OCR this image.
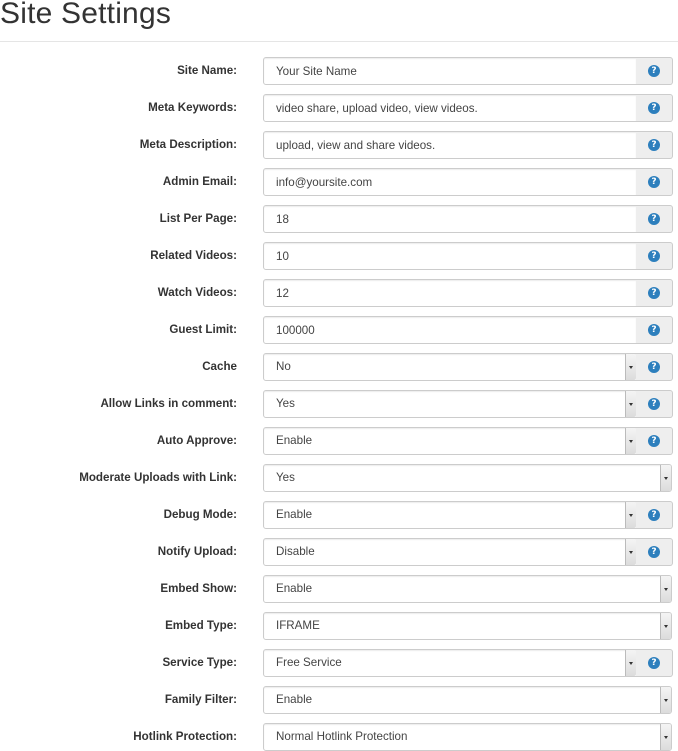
Site Settings
Site Name:
Your Site Name	?
Meta Keywords:
video share, upload video, view videos.	?
Meta Description:
upload, view and share videos.	?
Admin Email:
info@yoursite.com	?
List Per Page:
18	?
Related Videos:
10	?
Watch Videos:
12	?
Guest Limit:
100000	?
Cache	No	?
Allow Links in comment:	Yes	?
Auto Approve:	Enable	?
Moderate Uploads with Link:	Yes
Debug Mode:	Enable	?
Notify Upload:	Disable	?
Embed Show:	Enable
Embed Type:	IFRAME
Service Type:	Free Service	?
Family Filter:	Enable
Hotlink Protection:	Normal Hotlink Protection
